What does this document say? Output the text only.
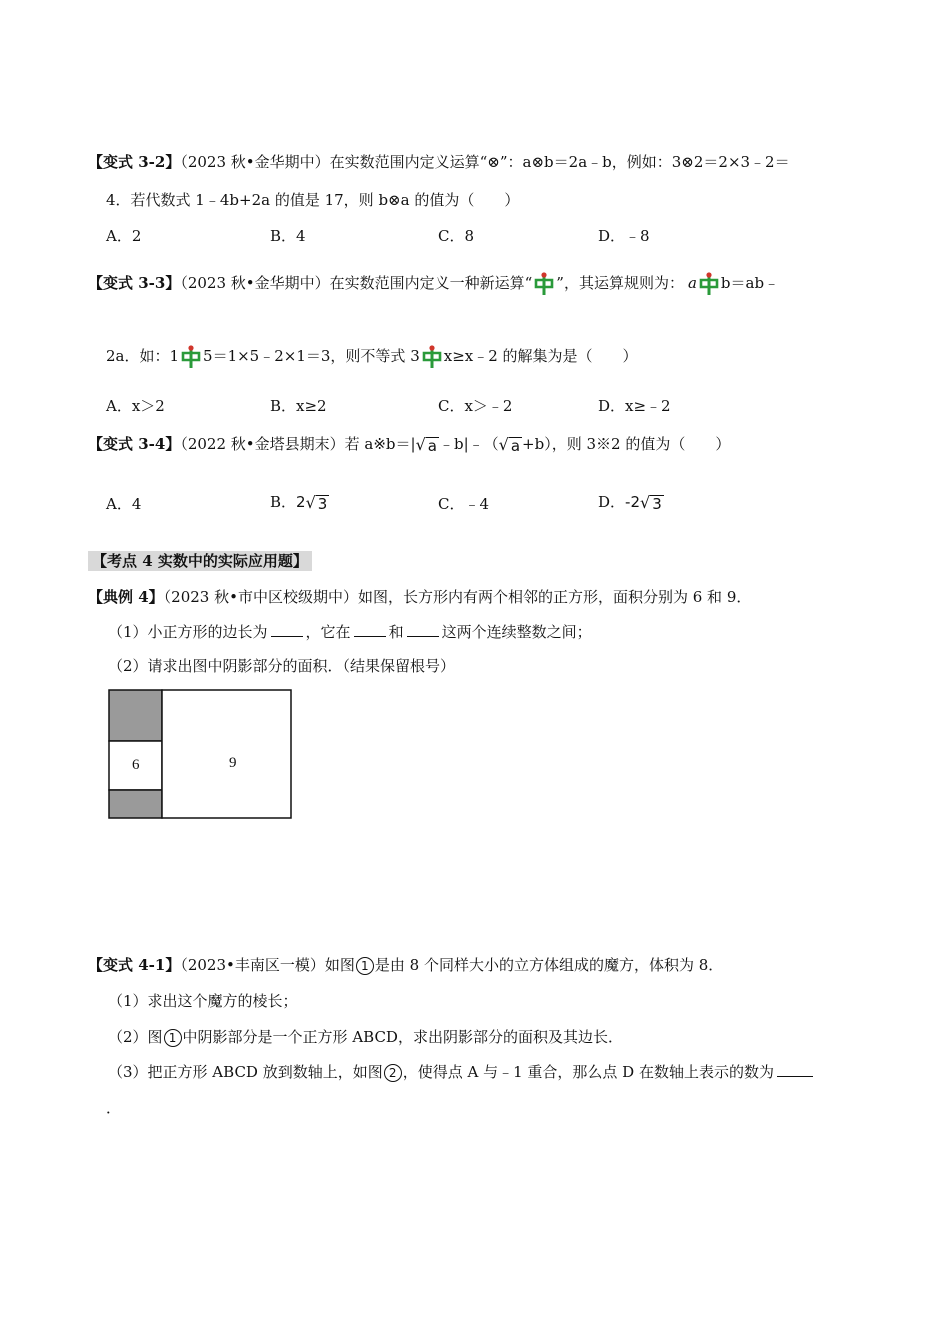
【变式 3-2】（2023 秋•金华期中）在实数范围内定义运算“⊗”：a⊗b＝2a﹣b，例如：3⊗2＝2×3﹣2＝
4．若代数式 1﹣4b+2a 的值是 17，则 b⊗a 的值为（　　）
A．2	B．4	C．8	D．﹣8
【变式 3-3】（2023 秋•金华期中）在实数范围内定义一种新运算“ ”，其运算规则为： a b＝ab﹣
2a．如：1 5＝1×5﹣2×1＝3，则不等式 3 x≥x﹣2 的解集为是（　　）
A．x＞2	B．x≥2	C．x＞﹣2	D．x≥﹣2
【变式 3-4】（2022 秋•金塔县期末）若 a※b＝| √ a ﹣b|﹣（ √ a +b），则 3※2 的值为（　　）
A．4	B．2 √ 3	C．﹣4	D．-2 √ 3
【考点 4 实数中的实际应用题】
【典例 4】（2023 秋•市中区校级期中）如图，长方形内有两个相邻的正方形，面积分别为 6 和 9．
（1）小正方形的边长为	，它在	和	这两个连续整数之间；
（2）请求出图中阴影部分的面积．（结果保留根号）
6	9
【变式 4-1】（2023•丰南区一模）如图 1 是由 8 个同样大小的立方体组成的魔方，体积为 8．
（1）求出这个魔方的棱长；
（2）图 1 中阴影部分是一个正方形 ABCD，求出阴影部分的面积及其边长．
（3）把正方形 ABCD 放到数轴上，如图 2 ，使得点 A 与﹣1 重合，那么点 D 在数轴上表示的数为
．
